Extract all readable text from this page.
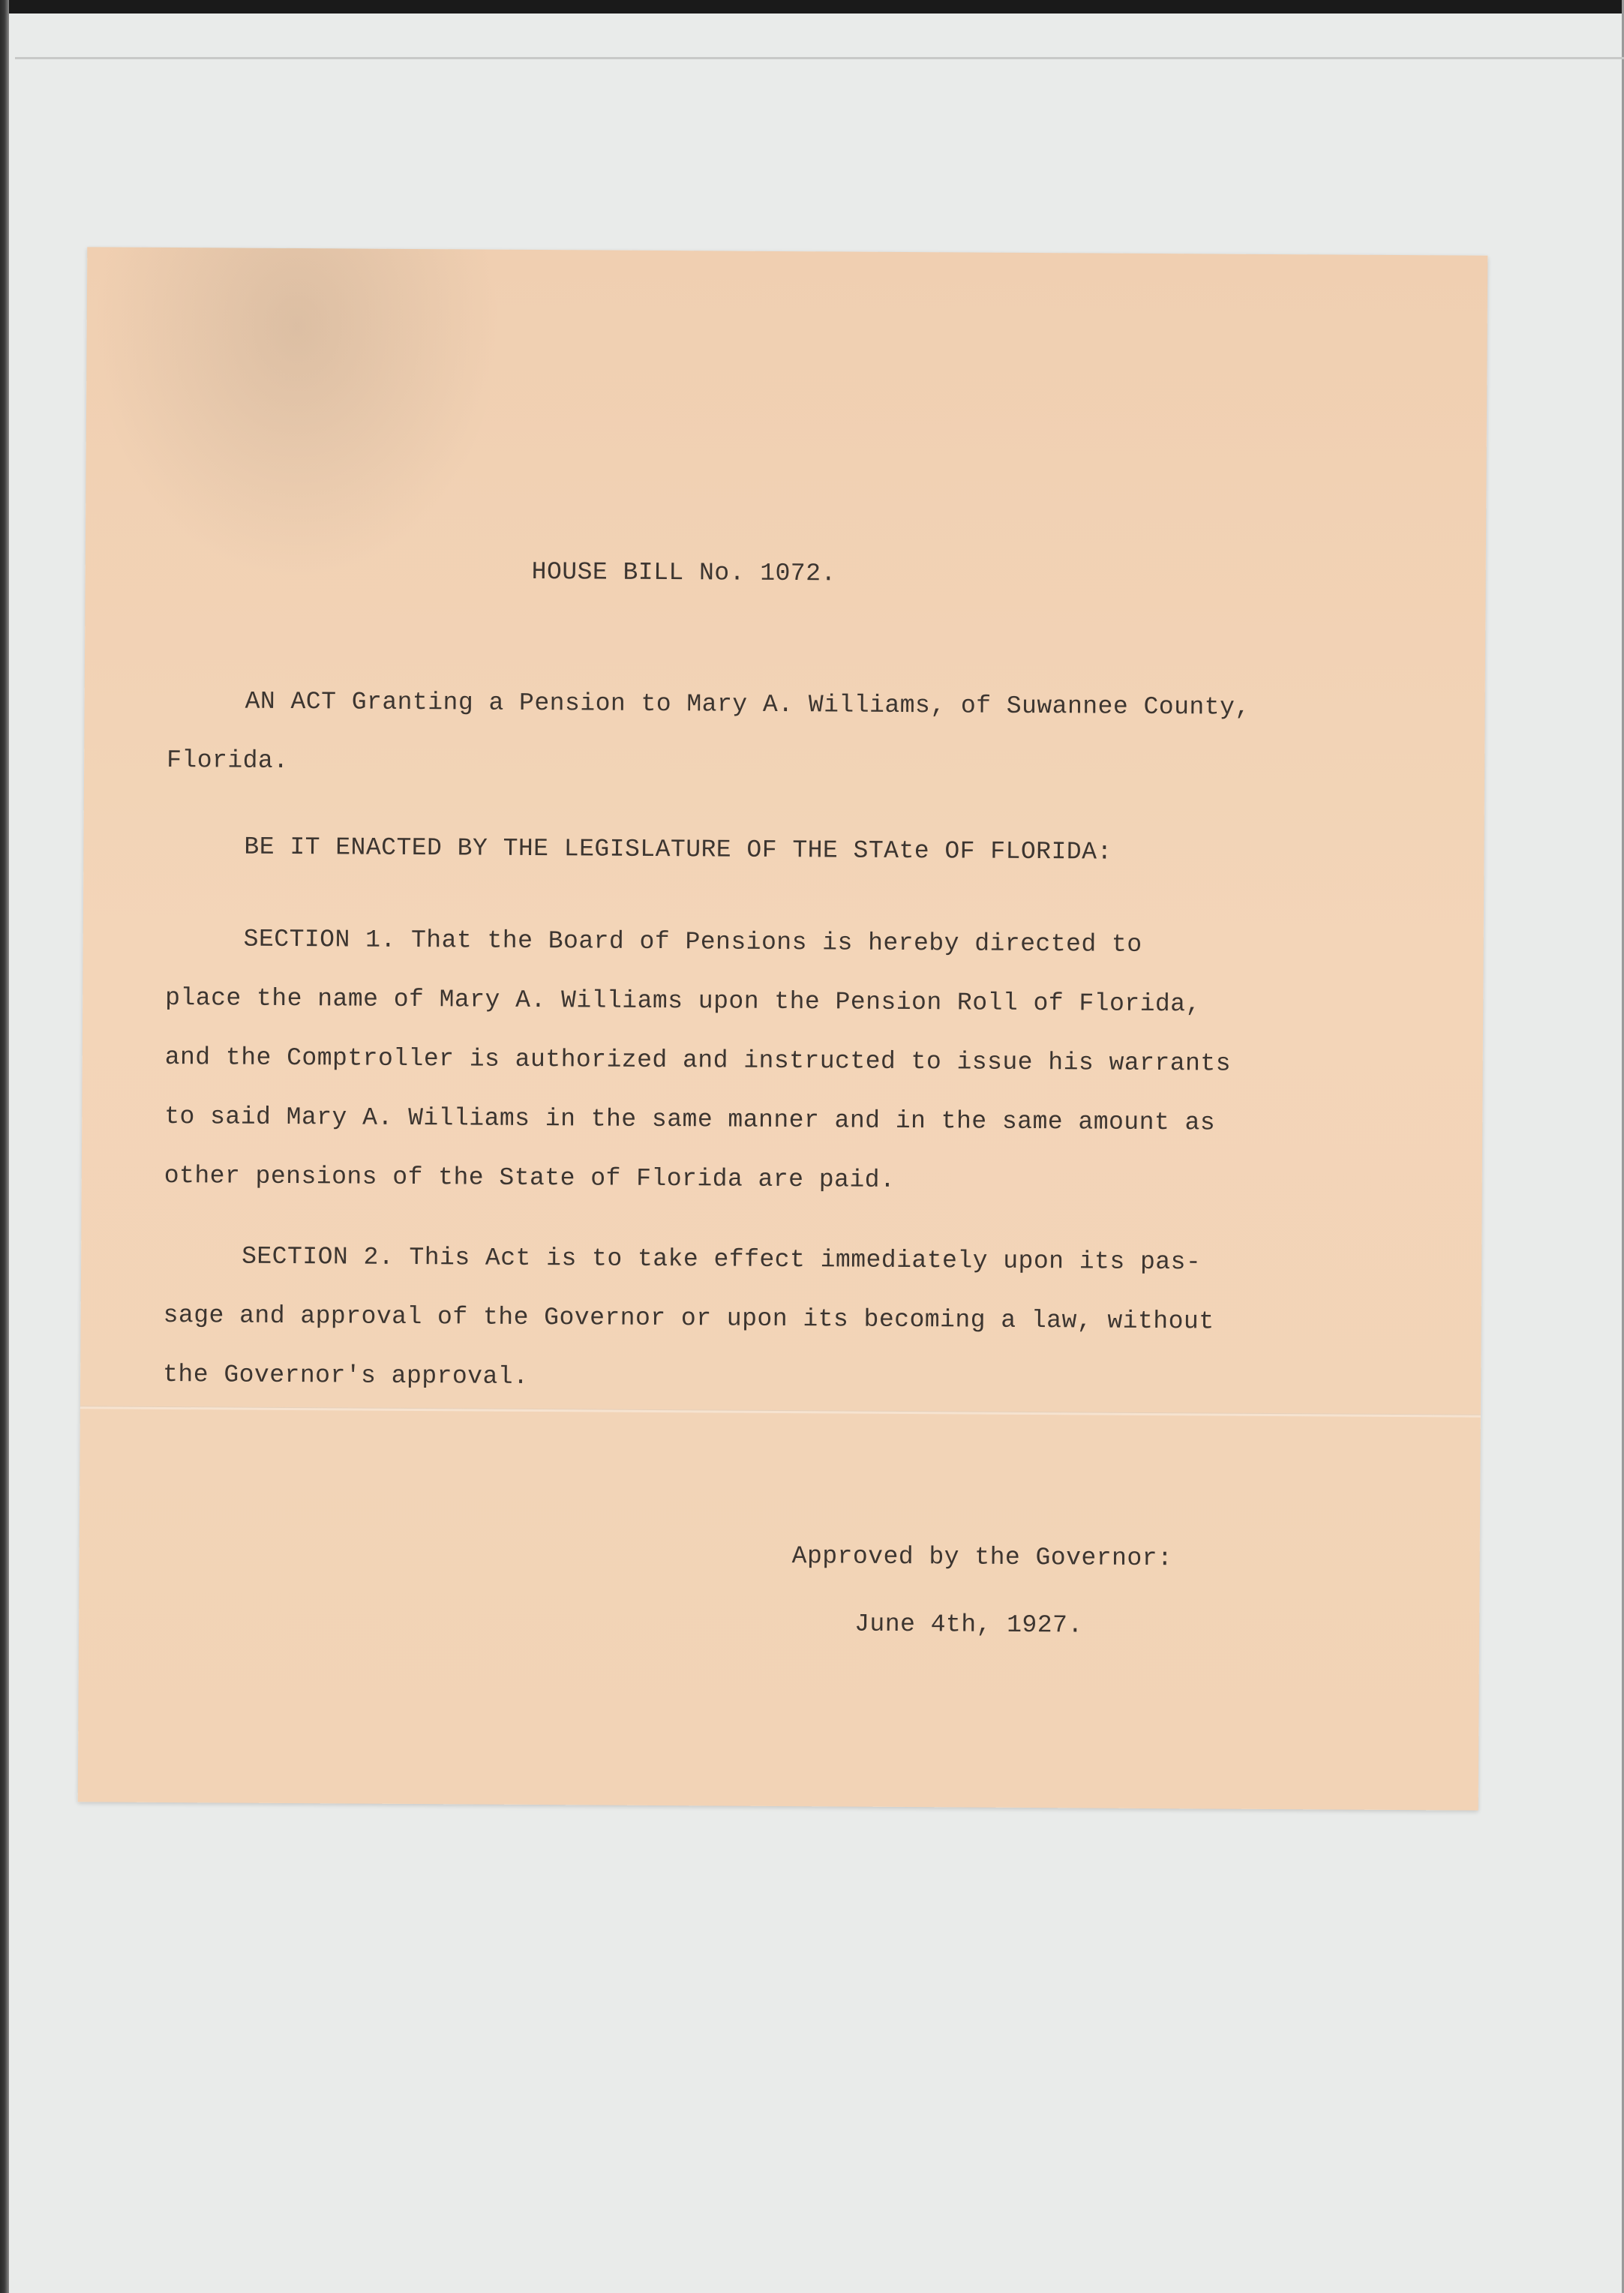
HOUSE BILL No. 1072.

AN ACT Granting a Pension to Mary A. Williams, of Suwannee County,
Florida.

BE IT ENACTED BY THE LEGISLATURE OF THE STAte OF FLORIDA:

SECTION 1. That the Board of Pensions is hereby directed to
place the name of Mary A. Williams upon the Pension Roll of Florida,
and the Comptroller is authorized and instructed to issue his warrants
to said Mary A. Williams in the same manner and in the same amount as
other pensions of the State of Florida are paid.
SECTION 2. This Act is to take effect immediately upon its pas-
sage and approval of the Governor or upon its becoming a law, without
the Governor's approval.

Approved by the Governor:

June 4th, 1927.
